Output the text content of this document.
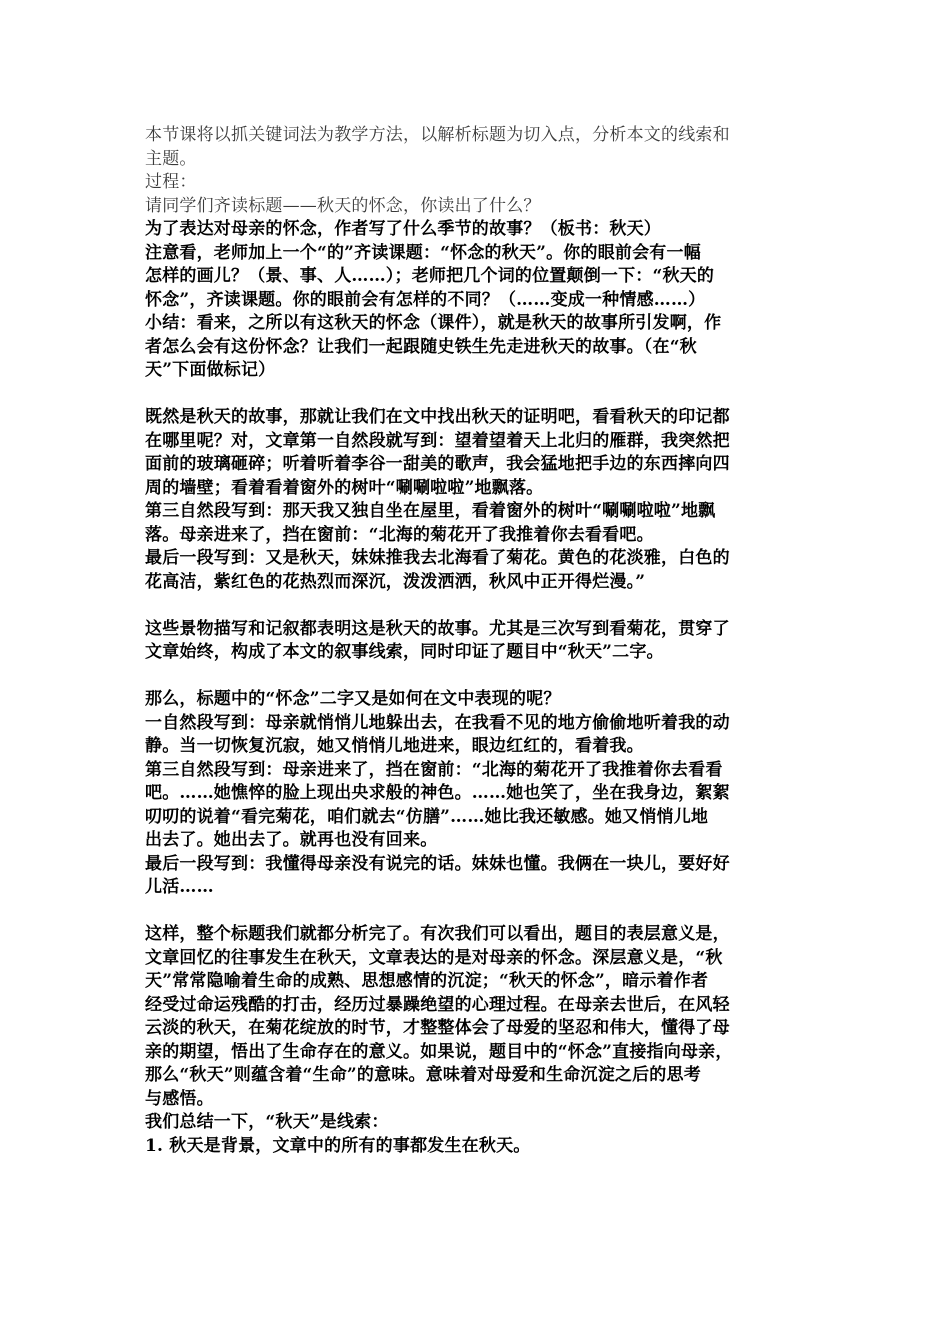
本节课将以抓关键词法为教学方法，以解析标题为切入点，分析本文的线索和
主题。
过程：
请同学们齐读标题——秋天的怀念，你读出了什么？
为了表达对母亲的怀念，作者写了什么季节的故事？（板书：秋天）
注意看，老师加上一个“的”齐读课题：“怀念的秋天”。你的眼前会有一幅
怎样的画儿？（景、事、人……）；老师把几个词的位置颠倒一下：“秋天的
怀念”，齐读课题。你的眼前会有怎样的不同？（……变成一种情感……）
小结：看来，之所以有这秋天的怀念（课件），就是秋天的故事所引发啊，作
者怎么会有这份怀念？让我们一起跟随史铁生先走进秋天的故事。（在“秋
天”下面做标记）
既然是秋天的故事，那就让我们在文中找出秋天的证明吧，看看秋天的印记都
在哪里呢？对，文章第一自然段就写到：望着望着天上北归的雁群，我突然把
面前的玻璃砸碎；听着听着李谷一甜美的歌声，我会猛地把手边的东西摔向四
周的墙壁；看着看着窗外的树叶“唰唰啦啦”地飘落。
第三自然段写到：那天我又独自坐在屋里，看着窗外的树叶“唰唰啦啦”地飘
落。母亲进来了，挡在窗前：“北海的菊花开了我推着你去看看吧。
最后一段写到：又是秋天，妹妹推我去北海看了菊花。黄色的花淡雅，白色的
花高洁，紫红色的花热烈而深沉，泼泼洒洒，秋风中正开得烂漫。”
这些景物描写和记叙都表明这是秋天的故事。尤其是三次写到看菊花，贯穿了
文章始终，构成了本文的叙事线索，同时印证了题目中“秋天”二字。
那么，标题中的“怀念”二字又是如何在文中表现的呢？
一自然段写到：母亲就悄悄儿地躲出去，在我看不见的地方偷偷地听着我的动
静。当一切恢复沉寂，她又悄悄儿地进来，眼边红红的，看着我。
第三自然段写到：母亲进来了，挡在窗前：“北海的菊花开了我推着你去看看
吧。……她憔悴的脸上现出央求般的神色。……她也笑了，坐在我身边，絮絮
叨叨的说着“看完菊花，咱们就去“仿膳”……她比我还敏感。她又悄悄儿地
出去了。她出去了。就再也没有回来。
最后一段写到：我懂得母亲没有说完的话。妹妹也懂。我俩在一块儿，要好好
儿活……
这样，整个标题我们就都分析完了。有次我们可以看出，题目的表层意义是，
文章回忆的往事发生在秋天，文章表达的是对母亲的怀念。深层意义是，“秋
天”常常隐喻着生命的成熟、思想感情的沉淀；“秋天的怀念”，暗示着作者
经受过命运残酷的打击，经历过暴躁绝望的心理过程。在母亲去世后，在风轻
云淡的秋天，在菊花绽放的时节，才整整体会了母爱的坚忍和伟大，懂得了母
亲的期望，悟出了生命存在的意义。如果说，题目中的“怀念”直接指向母亲，
那么“秋天”则蕴含着“生命”的意味。意味着对母爱和生命沉淀之后的思考
与感悟。
我们总结一下，“秋天”是线索：
1. 秋天是背景，文章中的所有的事都发生在秋天。
